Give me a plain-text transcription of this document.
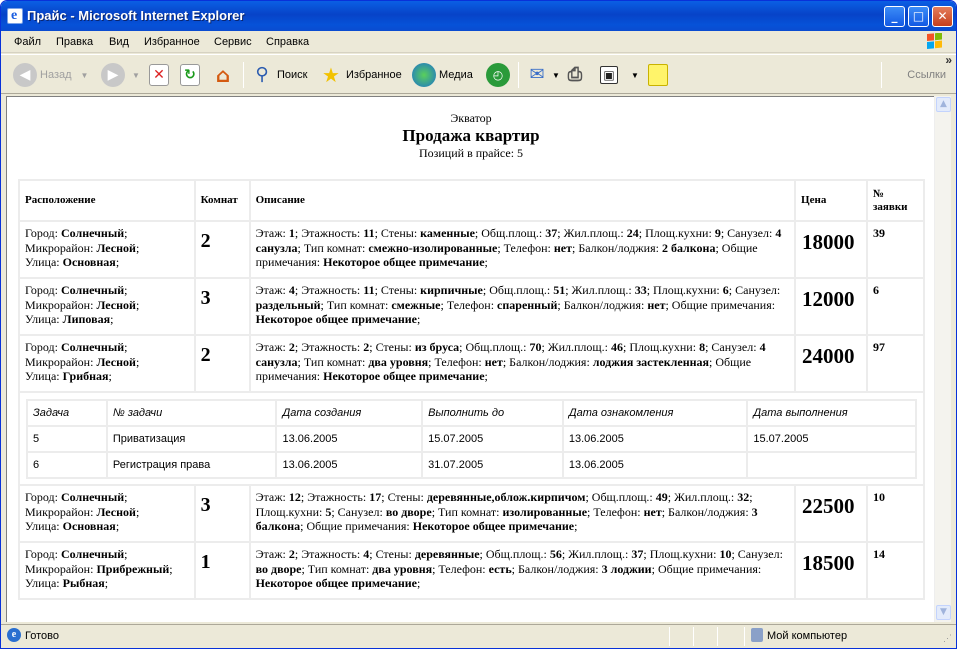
e Прайс - Microsoft Internet Explorer	_	□	✕
Файл Правка Вид Избранное Сервис Справка
◀ Назад ▼	▶	▼ ✕ ↻ ⌂	⚲ Поиск ★ Избранное	Медиа	◴	✉ ▼ ⎙	▣	▼	Ссылки
»
Экватор
Продажа квартир
Позиций в прайсе: 5
Расположение	Комнат	Описание	Цена	№ заявки
Город: Солнечный;
Микрорайон: Лесной;
Улица: Основная;	2	Этаж: 1; Этажность: 11; Стены: каменные; Общ.площ.: 37; Жил.площ.: 24; Площ.кухни: 9; Санузел: 4 санузла; Тип комнат: смежно-изолированные; Телефон: нет; Балкон/лоджия: 2 балкона; Общие примечания: Некоторое общее примечание;	18000	39
Город: Солнечный;
Микрорайон: Лесной;
Улица: Липовая;	3	Этаж: 4; Этажность: 11; Стены: кирпичные; Общ.площ.: 51; Жил.площ.: 33; Площ.кухни: 6; Санузел: раздельный; Тип комнат: смежные; Телефон: спаренный; Балкон/лоджия: нет; Общие примечания: Некоторое общее примечание;	12000	6
Город: Солнечный;
Микрорайон: Лесной;
Улица: Грибная;	2	Этаж: 2; Этажность: 2; Стены: из бруса; Общ.площ.: 70; Жил.площ.: 46; Площ.кухни: 8; Санузел: 4 санузла; Тип комнат: два уровня; Телефон: нет; Балкон/лоджия: лоджия застекленная; Общие примечания: Некоторое общее примечание;	24000	97

Задача	№ задачи	Дата создания	Выполнить до	Дата ознакомления	Дата выполнения
5	Приватизация	13.06.2005	15.07.2005	13.06.2005	15.07.2005
6	Регистрация права	13.06.2005	31.07.2005	13.06.2005	

Город: Солнечный;
Микрорайон: Лесной;
Улица: Основная;	3	Этаж: 12; Этажность: 17; Стены: деревянные,облож.кирпичом; Общ.площ.: 49; Жил.площ.: 32; Площ.кухни: 5; Санузел: во дворе; Тип комнат: изолированные; Телефон: нет; Балкон/лоджия: 3 балкона; Общие примечания: Некоторое общее примечание;	22500	10
Город: Солнечный;
Микрорайон: Прибрежный;
Улица: Рыбная;	1	Этаж: 2; Этажность: 4; Стены: деревянные; Общ.площ.: 56; Жил.площ.: 37; Площ.кухни: 10; Санузел: во дворе; Тип комнат: два уровня; Телефон: есть; Балкон/лоджия: 3 лоджии; Общие примечания: Некоторое общее примечание;	18500	14
▲
▼
e Готово	Мой компьютер	⋰
